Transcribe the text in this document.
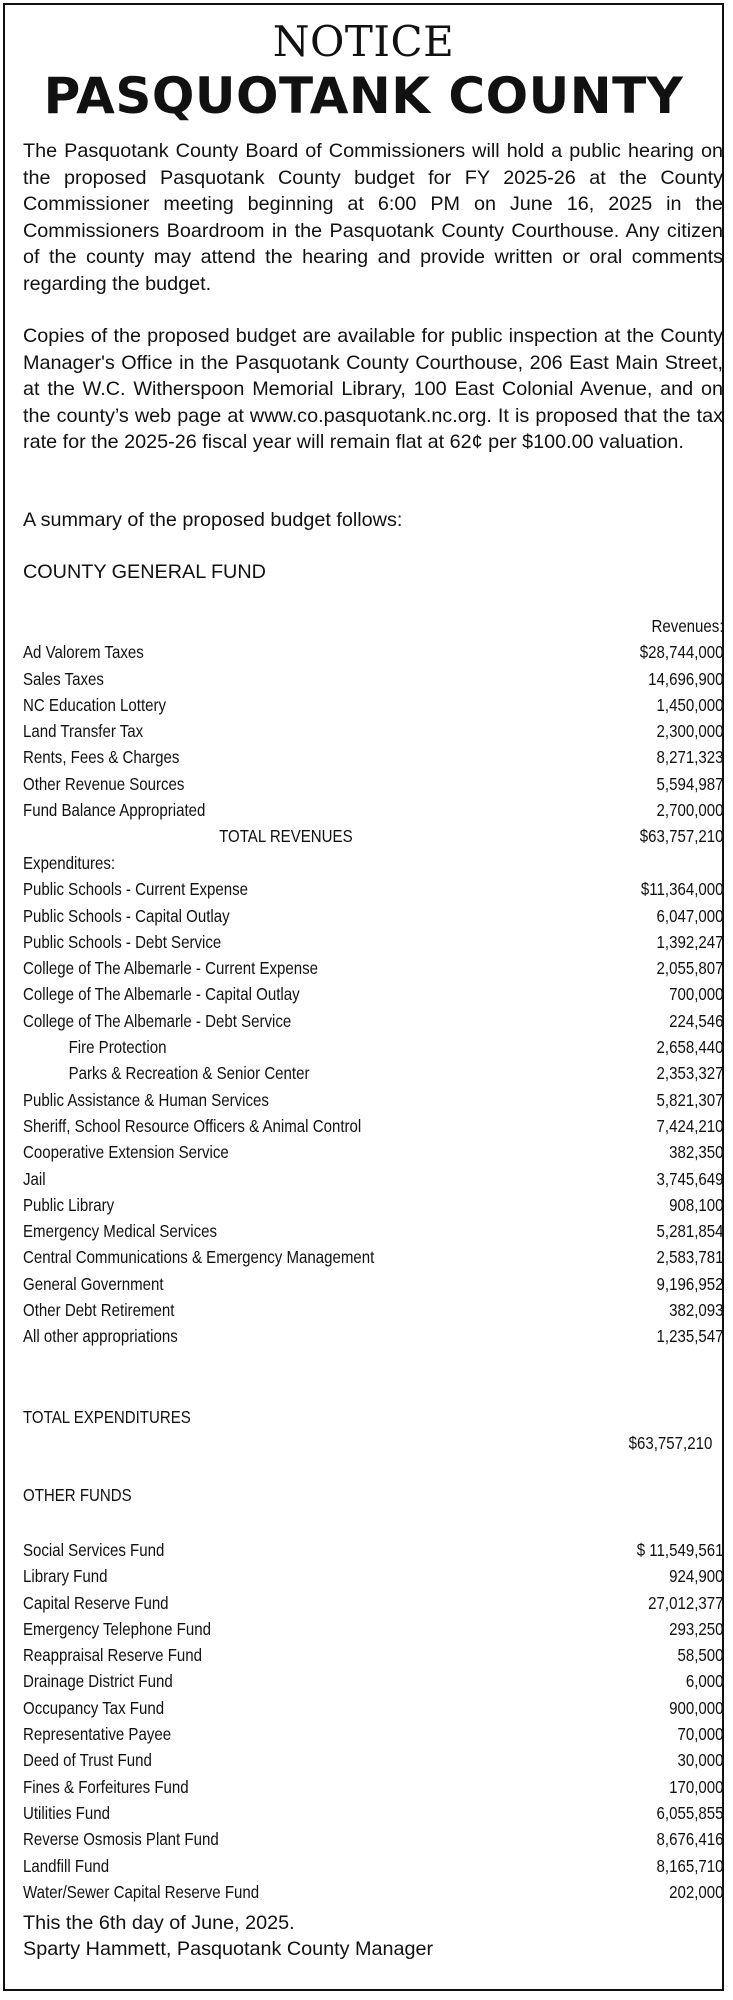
NOTICE
PASQUOTANK COUNTY

The Pasquotank County Board of Commissioners will hold a public hearing on the proposed Pasquotank County budget for FY 2025-26 at the County Commissioner meeting beginning at 6:00 PM on June 16, 2025 in the Commissioners Boardroom in the Pasquotank County Courthouse. Any citizen of the county may attend the hearing and provide written or oral comments regarding the budget.

Copies of the proposed budget are available for public inspection at the County Manager's Office in the Pasquotank County Courthouse, 206 East Main Street, at the W.C. Witherspoon Memorial Library, 100 East Colonial Avenue, and on the county’s web page at www.co.pasquotank.nc.org. It is proposed that the tax rate for the 2025-26 fiscal year will remain flat at 62¢ per $100.00 valuation.

A summary of the proposed budget follows:
COUNTY GENERAL FUND
Revenues:
Ad Valorem Taxes	$28,744,000
Sales Taxes	14,696,900
NC Education Lottery	1,450,000
Land Transfer Tax	2,300,000
Rents, Fees & Charges	8,271,323
Other Revenue Sources	5,594,987
Fund Balance Appropriated	2,700,000
TOTAL REVENUES	$63,757,210
Expenditures:
Public Schools - Current Expense	$11,364,000
Public Schools - Capital Outlay	6,047,000
Public Schools - Debt Service	1,392,247
College of The Albemarle - Current Expense	2,055,807
College of The Albemarle - Capital Outlay	700,000
College of The Albemarle - Debt Service	224,546
Fire Protection	2,658,440
Parks & Recreation & Senior Center	2,353,327
Public Assistance & Human Services	5,821,307
Sheriff, School Resource Officers & Animal Control	7,424,210
Cooperative Extension Service	382,350
Jail	3,745,649
Public Library	908,100
Emergency Medical Services	5,281,854
Central Communications & Emergency Management	2,583,781
General Government	9,196,952
Other Debt Retirement	382,093
All other appropriations	1,235,547
TOTAL EXPENDITURES
$63,757,210
OTHER FUNDS
Social Services Fund	$ 11,549,561
Library Fund	924,900
Capital Reserve Fund	27,012,377
Emergency Telephone Fund	293,250
Reappraisal Reserve Fund	58,500
Drainage District Fund	6,000
Occupancy Tax Fund	900,000
Representative Payee	70,000
Deed of Trust Fund	30,000
Fines & Forfeitures Fund	170,000
Utilities Fund	6,055,855
Reverse Osmosis Plant Fund	8,676,416
Landfill Fund	8,165,710
Water/Sewer Capital Reserve Fund	202,000
This the 6th day of June, 2025.
Sparty Hammett, Pasquotank County Manager
